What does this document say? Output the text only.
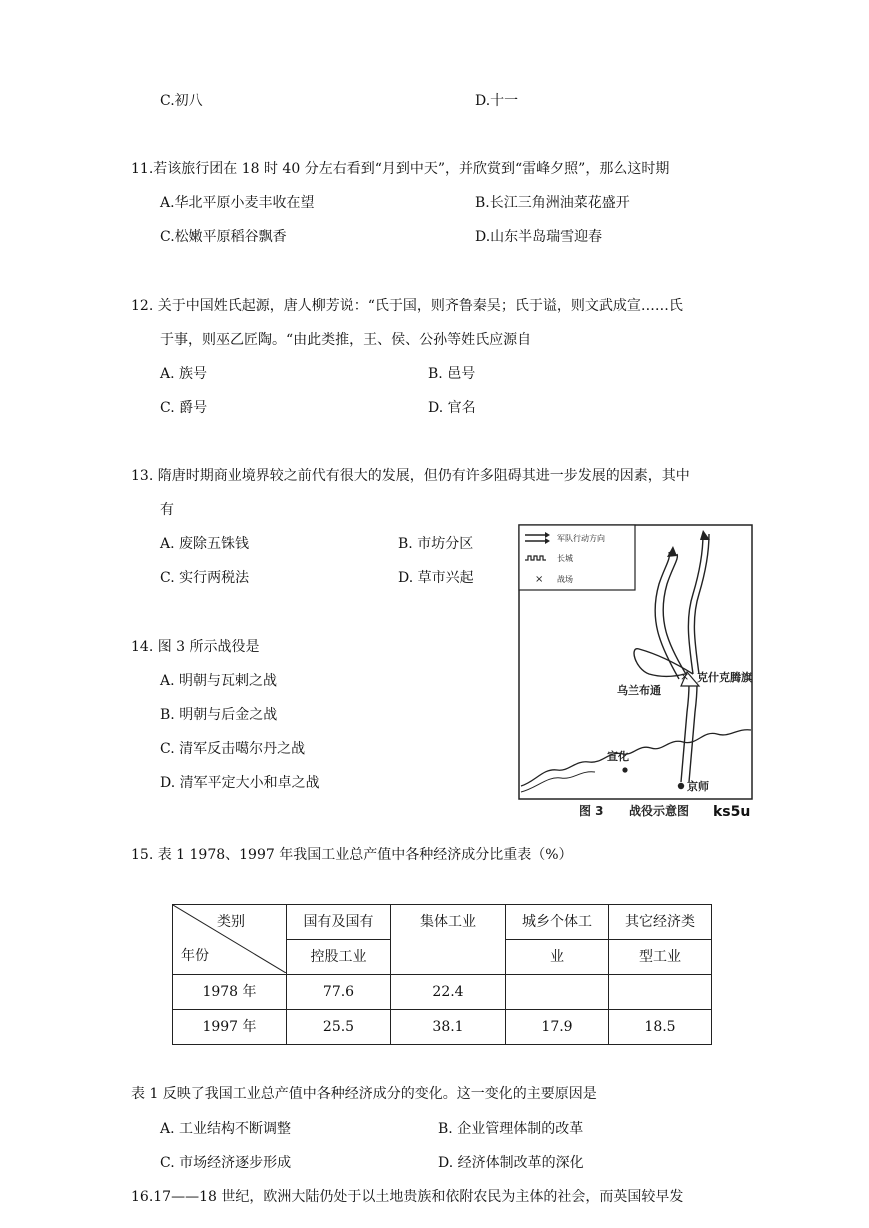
C.初八	D.十一
11.若该旅行团在 18 时 40 分左右看到“月到中天”，并欣赏到“雷峰夕照”，那么这时期
A.华北平原小麦丰收在望	B.长江三角洲油菜花盛开
C.松嫩平原稻谷飘香	D.山东半岛瑞雪迎春
12. 关于中国姓氏起源，唐人柳芳说：“氏于国，则齐鲁秦吴；氏于谥，则文武成宣……氏
于事，则巫乙匠陶。“由此类推，王、侯、公孙等姓氏应源自
A. 族号	B. 邑号
C. 爵号	D. 官名
13. 隋唐时期商业境界较之前代有很大的发展，但仍有许多阻碍其进一步发展的因素，其中
有
A. 废除五铢钱	B. 市坊分区
C. 实行两税法	D. 草市兴起
14. 图 3 所示战役是
A. 明朝与瓦剌之战
B. 明朝与后金之战
C. 清军反击噶尔丹之战
D. 清军平定大小和卓之战
军队行动方向
长城
× 战场
× 克什克腾旗
乌兰布通
宣化
京师
图 3 战役示意图 ks5u
15. 表 1 1978、1997 年我国工业总产值中各种经济成分比重表（%）
类别
年份	国有及国有	集体工业	城乡个体工	其它经济类

	控股工业		业	型工业

1978 年	77.6	22.4		
1997 年	25.5	38.1	17.9	18.5
表 1 反映了我国工业总产值中各种经济成分的变化。这一变化的主要原因是
A. 工业结构不断调整	B. 企业管理体制的改革
C. 市场经济逐步形成	D. 经济体制改革的深化
16.17——18 世纪，欧洲大陆仍处于以土地贵族和依附农民为主体的社会，而英国较早发
